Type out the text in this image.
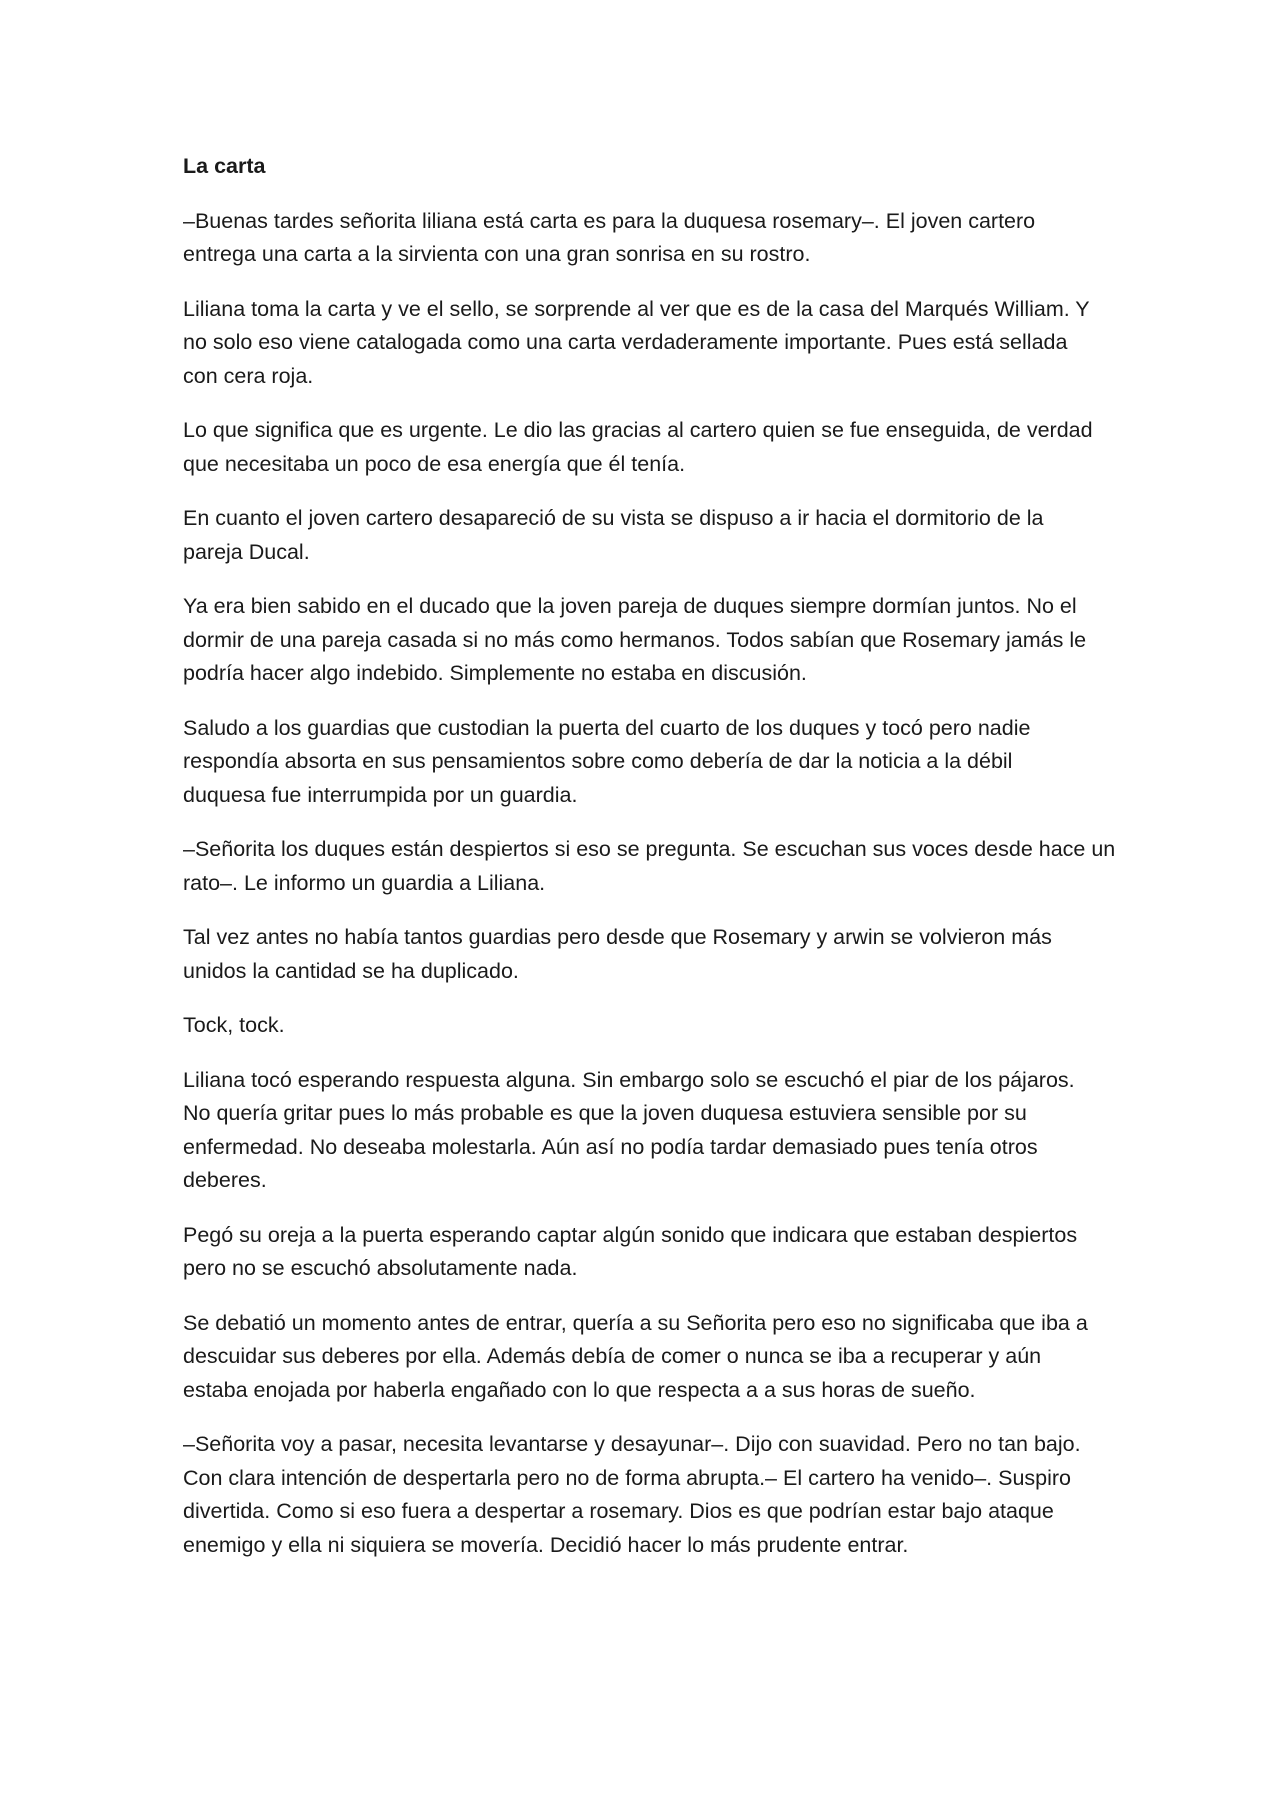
La carta
–Buenas tardes señorita liliana está carta es para la duquesa rosemary–. El joven cartero
entrega una carta a la sirvienta con una gran sonrisa en su rostro.
Liliana toma la carta y ve el sello, se sorprende al ver que es de la casa del Marqués William. Y
no solo eso viene catalogada como una carta verdaderamente importante. Pues está sellada
con cera roja.
Lo que significa que es urgente. Le dio las gracias al cartero quien se fue enseguida, de verdad
que necesitaba un poco de esa energía que él tenía.
En cuanto el joven cartero desapareció de su vista se dispuso a ir hacia el dormitorio de la
pareja Ducal.
Ya era bien sabido en el ducado que la joven pareja de duques siempre dormían juntos. No el
dormir de una pareja casada si no más como hermanos. Todos sabían que Rosemary jamás le
podría hacer algo indebido. Simplemente no estaba en discusión.
Saludo a los guardias que custodian la puerta del cuarto de los duques y tocó pero nadie
respondía absorta en sus pensamientos sobre como debería de dar la noticia a la débil
duquesa fue interrumpida por un guardia.
–Señorita los duques están despiertos si eso se pregunta. Se escuchan sus voces desde hace un
rato–. Le informo un guardia a Liliana.
Tal vez antes no había tantos guardias pero desde que Rosemary y arwin se volvieron más
unidos la cantidad se ha duplicado.
Tock, tock.
Liliana tocó esperando respuesta alguna. Sin embargo solo se escuchó el piar de los pájaros.
No quería gritar pues lo más probable es que la joven duquesa estuviera sensible por su
enfermedad. No deseaba molestarla. Aún así no podía tardar demasiado pues tenía otros
deberes.
Pegó su oreja a la puerta esperando captar algún sonido que indicara que estaban despiertos
pero no se escuchó absolutamente nada.
Se debatió un momento antes de entrar, quería a su Señorita pero eso no significaba que iba a
descuidar sus deberes por ella. Además debía de comer o nunca se iba a recuperar y aún
estaba enojada por haberla engañado con lo que respecta a a sus horas de sueño.
–Señorita voy a pasar, necesita levantarse y desayunar–. Dijo con suavidad. Pero no tan bajo.
Con clara intención de despertarla pero no de forma abrupta.– El cartero ha venido–. Suspiro
divertida. Como si eso fuera a despertar a rosemary. Dios es que podrían estar bajo ataque
enemigo y ella ni siquiera se movería. Decidió hacer lo más prudente entrar.
